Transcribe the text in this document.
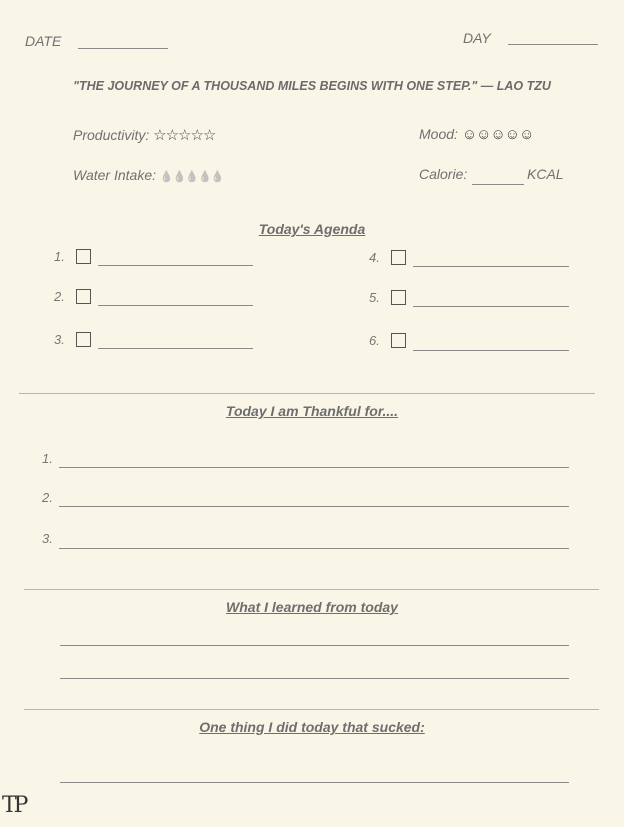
DATE	DAY
"THE JOURNEY OF A THOUSAND MILES BEGINS WITH ONE STEP." — LAO TZU
Productivity: ☆☆☆☆☆	Mood: ☺☺☺☺☺
Water Intake: 💧💧💧💧💧	Calorie:	KCAL
Today's Agenda
1.
2.
3.
4.
5.
6.
Today I am Thankful for....
1.
2.
3.
What I learned from today
One thing I did today that sucked:
TP
